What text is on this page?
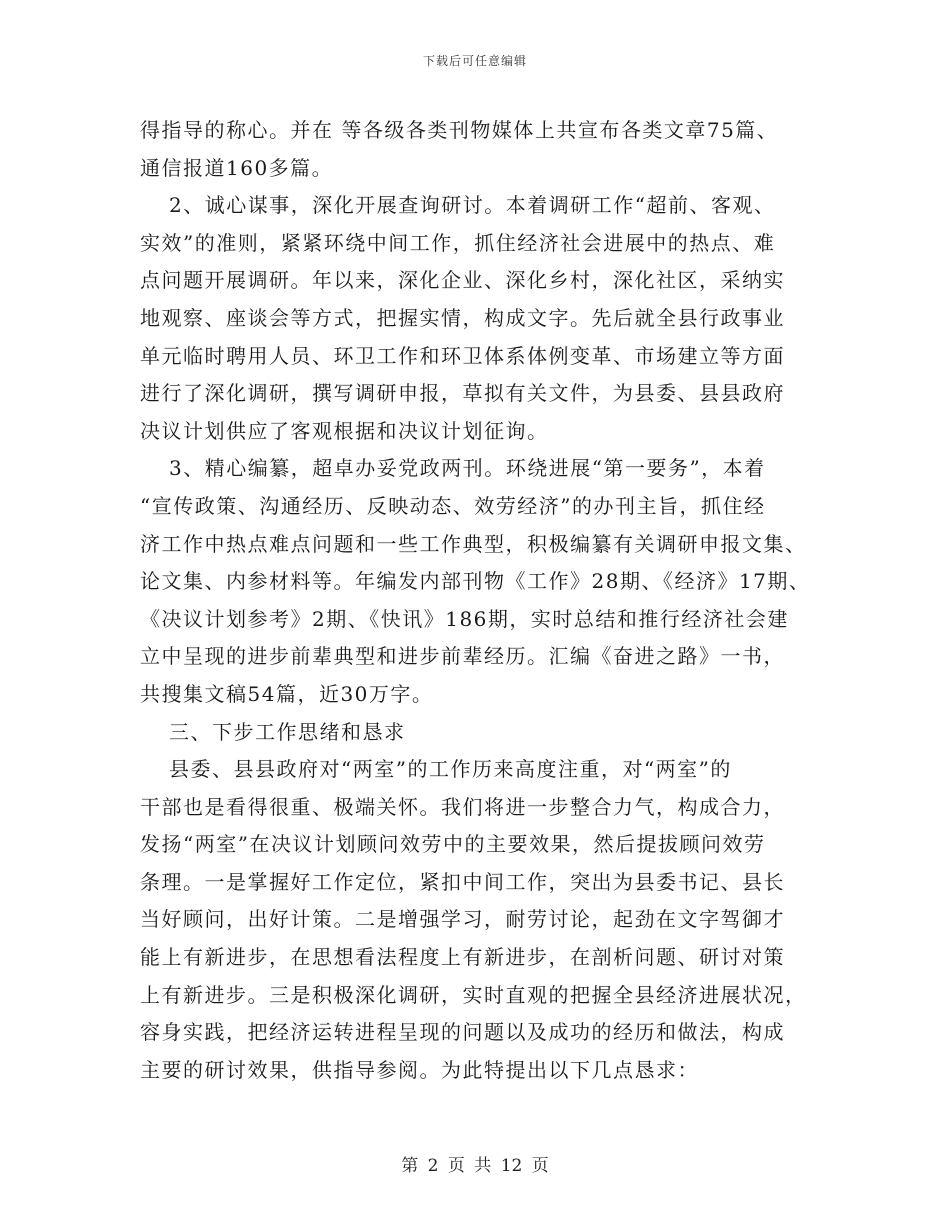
下载后可任意编辑
得指导的称心。并在 等各级各类刊物媒体上共宣布各类文章75篇、
通信报道160多篇。
2、诚心谋事，深化开展查询研讨。本着调研工作“超前、客观、
实效”的准则，紧紧环绕中间工作，抓住经济社会进展中的热点、难
点问题开展调研。年以来，深化企业、深化乡村，深化社区，采纳实
地观察、座谈会等方式，把握实情，构成文字。先后就全县行政事业
单元临时聘用人员、环卫工作和环卫体系体例变革、市场建立等方面
进行了深化调研，撰写调研申报，草拟有关文件，为县委、县县政府
决议计划供应了客观根据和决议计划征询。
3、精心编纂，超卓办妥党政两刊。环绕进展“第一要务”，本着
“宣传政策、沟通经历、反映动态、效劳经济”的办刊主旨，抓住经
济工作中热点难点问题和一些工作典型，积极编纂有关调研申报文集、
论文集、内参材料等。年编发内部刊物《工作》28期、《经济》17期、
《决议计划参考》2期、《快讯》186期，实时总结和推行经济社会建
立中呈现的进步前辈典型和进步前辈经历。汇编《奋进之路》一书，
共搜集文稿54篇，近30万字。
三、下步工作思绪和恳求
县委、县县政府对“两室”的工作历来高度注重，对“两室”的
干部也是看得很重、极端关怀。我们将进一步整合力气，构成合力，
发扬“两室”在决议计划顾问效劳中的主要效果，然后提拔顾问效劳
条理。一是掌握好工作定位，紧扣中间工作，突出为县委书记、县长
当好顾问，出好计策。二是增强学习，耐劳讨论，起劲在文字驾御才
能上有新进步，在思想看法程度上有新进步，在剖析问题、研讨对策
上有新进步。三是积极深化调研，实时直观的把握全县经济进展状况，
容身实践，把经济运转进程呈现的问题以及成功的经历和做法，构成
主要的研讨效果，供指导参阅。为此特提出以下几点恳求：
第 2 页 共 12 页
